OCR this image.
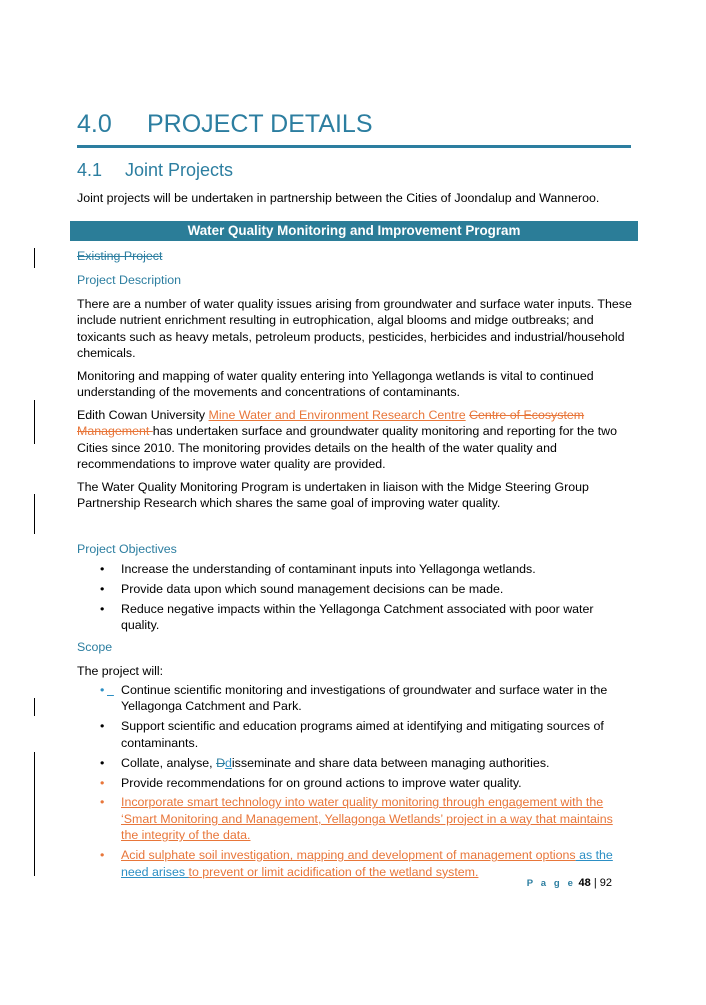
4.0 PROJECT DETAILS
4.1 Joint Projects

Joint projects will be undertaken in partnership between the Cities of Joondalup and Wanneroo.

Water Quality Monitoring and Improvement Program
Existing Project
Project Description

There are a number of water quality issues arising from groundwater and surface water inputs. These include nutrient enrichment resulting in eutrophication, algal blooms and midge outbreaks; and toxicants such as heavy metals, petroleum products, pesticides, herbicides and industrial/household chemicals.

Monitoring and mapping of water quality entering into Yellagonga wetlands is vital to continued understanding of the movements and concentrations of contaminants.

Edith Cowan University Mine Water and Environment Research Centre Centre of Ecosystem Management has undertaken surface and groundwater quality monitoring and reporting for the two Cities since 2010. The monitoring provides details on the health of the water quality and recommendations to improve water quality are provided.

The Water Quality Monitoring Program is undertaken in liaison with the Midge Steering Group Partnership Research which shares the same goal of improving water quality.

Project Objectives
• Increase the understanding of contaminant inputs into Yellagonga wetlands.
• Provide data upon which sound management decisions can be made.
• Reduce negative impacts within the Yellagonga Catchment associated with poor water quality.
Scope

The project will:

•
Continue scientific monitoring and investigations of groundwater and surface water in the Yellagonga Catchment and Park.
• Support scientific and education programs aimed at identifying and mitigating sources of contaminants.
• Collate, analyse, Ddisseminate and share data between managing authorities.
• Provide recommendations for on ground actions to improve water quality.
• Incorporate smart technology into water quality monitoring through engagement with the ‘Smart Monitoring and Management, Yellagonga Wetlands’ project in a way that maintains the integrity of the data.
• Acid sulphate soil investigation, mapping and development of management options as the need arises to prevent or limit acidification of the wetland system.
P a g e 48 | 92
